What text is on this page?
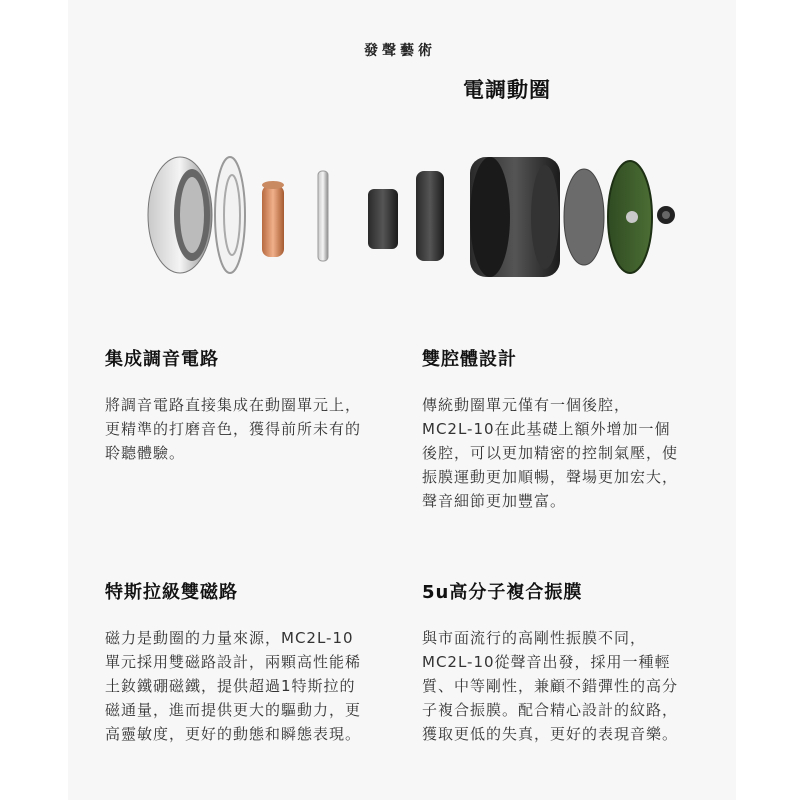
發聲藝術
電調動圈
集成調音電路

將調音電路直接集成在動圈單元上，
更精準的打磨音色，獲得前所未有的
聆聽體驗。

雙腔體設計

傳統動圈單元僅有一個後腔，
MC2L-10在此基礎上額外增加一個
後腔，可以更加精密的控制氣壓，使
振膜運動更加順暢，聲場更加宏大，
聲音細節更加豐富。

特斯拉級雙磁路

磁力是動圈的力量來源，MC2L-10
單元採用雙磁路設計，兩顆高性能稀
土釹鐵硼磁鐵，提供超過1特斯拉的
磁通量，進而提供更大的驅動力，更
高靈敏度，更好的動態和瞬態表現。

5u高分子複合振膜

與市面流行的高剛性振膜不同，
MC2L-10從聲音出發，採用一種輕
質、中等剛性，兼顧不錯彈性的高分
子複合振膜。配合精心設計的紋路，
獲取更低的失真，更好的表現音樂。
